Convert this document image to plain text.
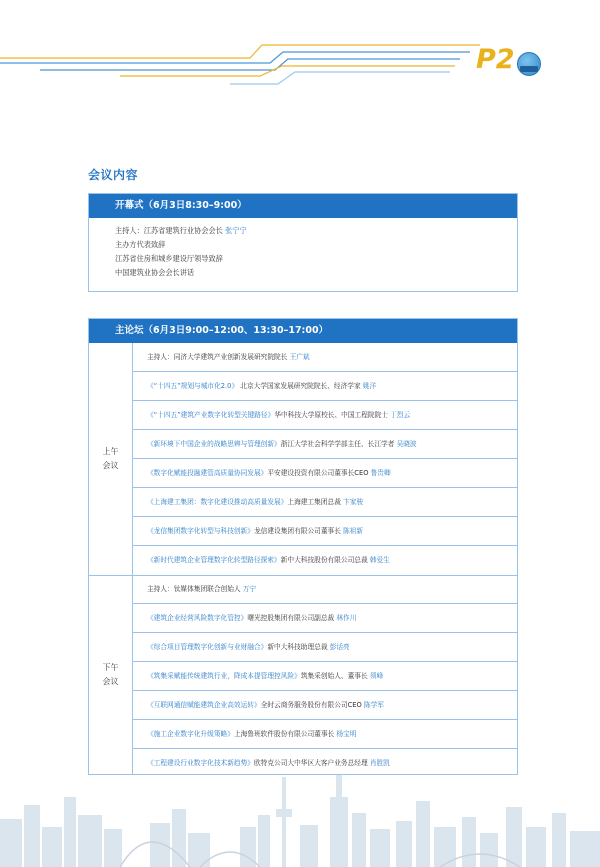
P2
会议内容
开幕式（6月3日8:30–9:00）
主持人：江苏省建筑行业协会会长 张宁宁
主办方代表致辞
江苏省住房和城乡建设厅领导致辞
中国建筑业协会会长讲话
主论坛（6月3日9:00–12:00、13:30–17:00）
上午
会议
主持人：同济大学建筑产业创新发展研究院院长 王广斌
《“十四五”规划与城市化2.0》 北京大学国家发展研究院院长、经济学家 姚洋
《“十四五”建筑产业数字化转型关键路径》华中科技大学原校长、中国工程院院士 丁烈云
《新环境下中国企业的战略思辨与管理创新》浙江大学社会科学学部主任、长江学者 吴晓波
《数字化赋能投融建管高质量协同发展》平安建设投资有限公司董事长CEO 鲁贵卿
《上海建工集团：数字化建设推动高质量发展》上海建工集团总裁 卞家骏
《龙信集团数字化转型与科技创新》龙信建设集团有限公司董事长 陈祖新
《新时代建筑企业管理数字化转型路径探索》新中大科技股份有限公司总裁 韩爱生
下午
会议
主持人：钛媒体集团联合创始人 万宁
《建筑企业经营风险数字化管控》曙光控股集团有限公司副总裁 林作川
《综合项目管理数字化创新与业财融合》新中大科技助理总裁 彭话亮
《筑集采赋能传统建筑行业，降成本提管理控风险》筑集采创始人、董事长 须峰
《互联网通信赋能建筑企业高效运转》全时云商务服务股份有限公司CEO 陈学军
《施工企业数字化升级策略》上海鲁班软件股份有限公司董事长 杨宝明
《工程建设行业数字化技术新趋势》欧特克公司大中华区大客户业务总经理 肖胜凯
